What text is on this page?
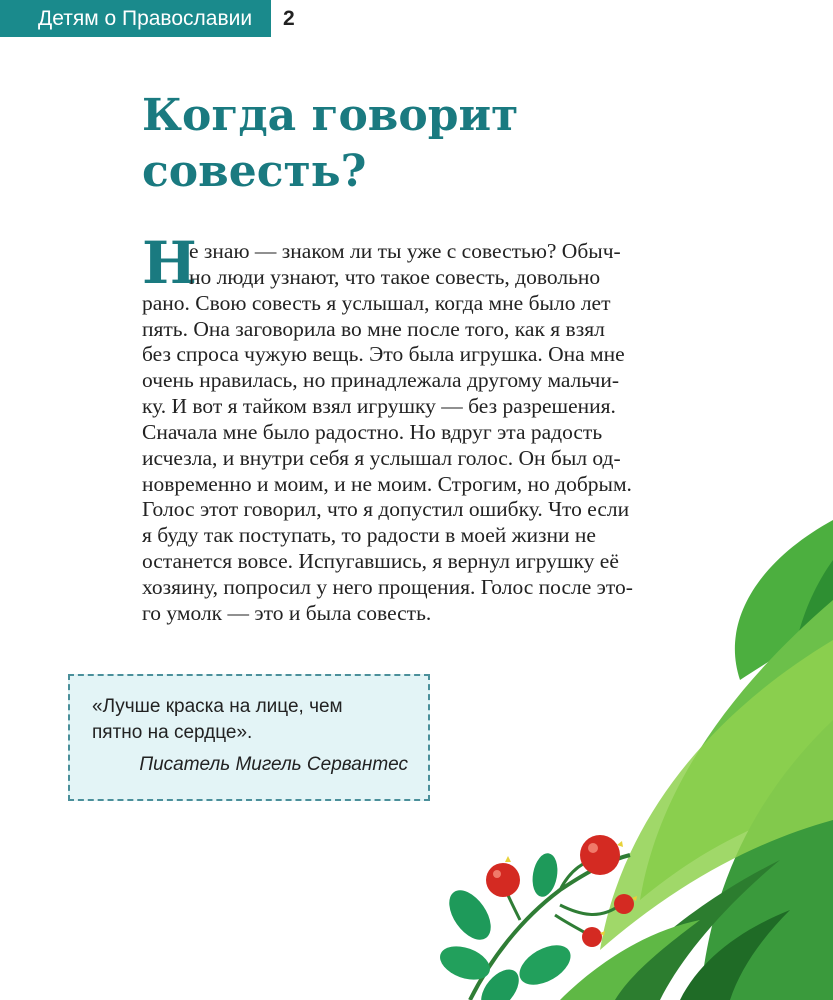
Детям о Православии	2
Когда говорит
совесть?
Н
е знаю — знаком ли ты уже с совестью? Обыч-
но люди узнают, что такое совесть, довольно
рано. Свою совесть я услышал, когда мне было лет
пять. Она заговорила во мне после того, как я взял
без спроса чужую вещь. Это была игрушка. Она мне
очень нравилась, но принадлежала другому мальчи-
ку. И вот я тайком взял игрушку — без разрешения.
Сначала мне было радостно. Но вдруг эта радость
исчезла, и внутри себя я услышал голос. Он был од-
новременно и моим, и не моим. Строгим, но добрым.
Голос этот говорил, что я допустил ошибку. Что если
я буду так поступать, то радости в моей жизни не
останется вовсе. Испугавшись, я вернул игрушку её
хозяину, попросил у него прощения. Голос после это-
го умолк — это и была совесть.
«Лучше краска на лице, чем
пятно на сердце».
Писатель Мигель Сервантес
